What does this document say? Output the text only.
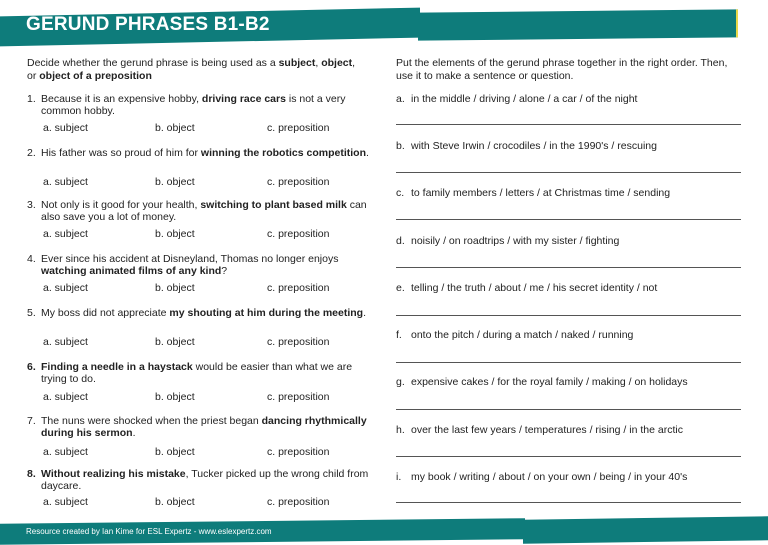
GERUND PHRASES B1-B2
Decide whether the gerund phrase is being used as a subject, object, or object of a preposition
Put the elements of the gerund phrase together in the right order. Then, use it to make a sentence or question.
1. Because it is an expensive hobby, driving race cars is not a very common hobby.
a. subject	b. object	c. preposition
2. His father was so proud of him for winning the robotics competition.
a. subject	b. object	c. preposition
3. Not only is it good for your health, switching to plant based milk can also save you a lot of money.
a. subject	b. object	c. preposition
4. Ever since his accident at Disneyland, Thomas no longer enjoys watching animated films of any kind?
a. subject	b. object	c. preposition
5. My boss did not appreciate my shouting at him during the meeting.
a. subject	b. object	c. preposition
6. Finding a needle in a haystack would be easier than what we are trying to do.
a. subject	b. object	c. preposition
7. The nuns were shocked when the priest began dancing rhythmically during his sermon.
a. subject	b. object	c. preposition
8. Without realizing his mistake, Tucker picked up the wrong child from daycare.
a. subject	b. object	c. preposition
a. in the middle / driving / alone / a car / of the night
b. with Steve Irwin / crocodiles / in the 1990's / rescuing
c. to family members / letters / at Christmas time / sending
d. noisily / on roadtrips / with my sister / fighting
e. telling / the truth / about / me / his secret identity / not
f. onto the pitch / during a match / naked / running
g. expensive cakes / for the royal family / making / on holidays
h. over the last few years / temperatures / rising / in the arctic
i. my book / writing / about / on your own / being / in your 40's
Resource created by Ian Kime for ESL Expertz - www.eslexpertz.com
